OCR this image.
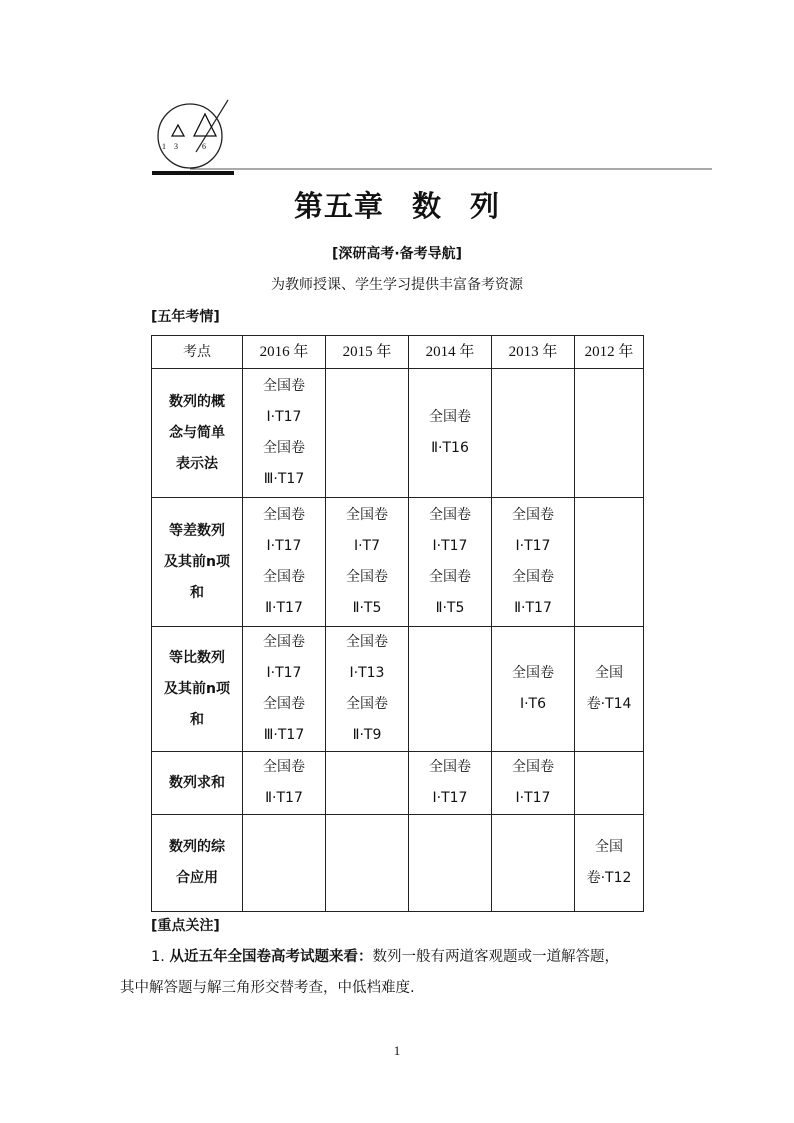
1 3	6
第五章 数 列
[深研高考·备考导航]
为教师授课、学生学习提供丰富备考资源
[五年考情]
考点	2016 年	2015 年	2014 年	2013 年	2012 年

数列的概
念与简单
表示法	全国卷
Ⅰ·T17
全国卷
Ⅲ·T17		全国卷
Ⅱ·T16		

等差数列
及其前n项
和	全国卷
Ⅰ·T17
全国卷
Ⅱ·T17	全国卷
Ⅰ·T7
全国卷
Ⅱ·T5	全国卷
Ⅰ·T17
全国卷
Ⅱ·T5	全国卷
Ⅰ·T17
全国卷
Ⅱ·T17	

等比数列
及其前n项
和	全国卷
Ⅰ·T17
全国卷
Ⅲ·T17	全国卷
Ⅰ·T13
全国卷
Ⅱ·T9		全国卷
Ⅰ·T6	全国
卷·T14

数列求和	全国卷
Ⅱ·T17		全国卷
Ⅰ·T17	全国卷
Ⅰ·T17	

数列的综
合应用					全国
卷·T12
[重点关注]
1. 从近五年全国卷高考试题来看：数列一般有两道客观题或一道解答题，
其中解答题与解三角形交替考查，中低档难度.
1
